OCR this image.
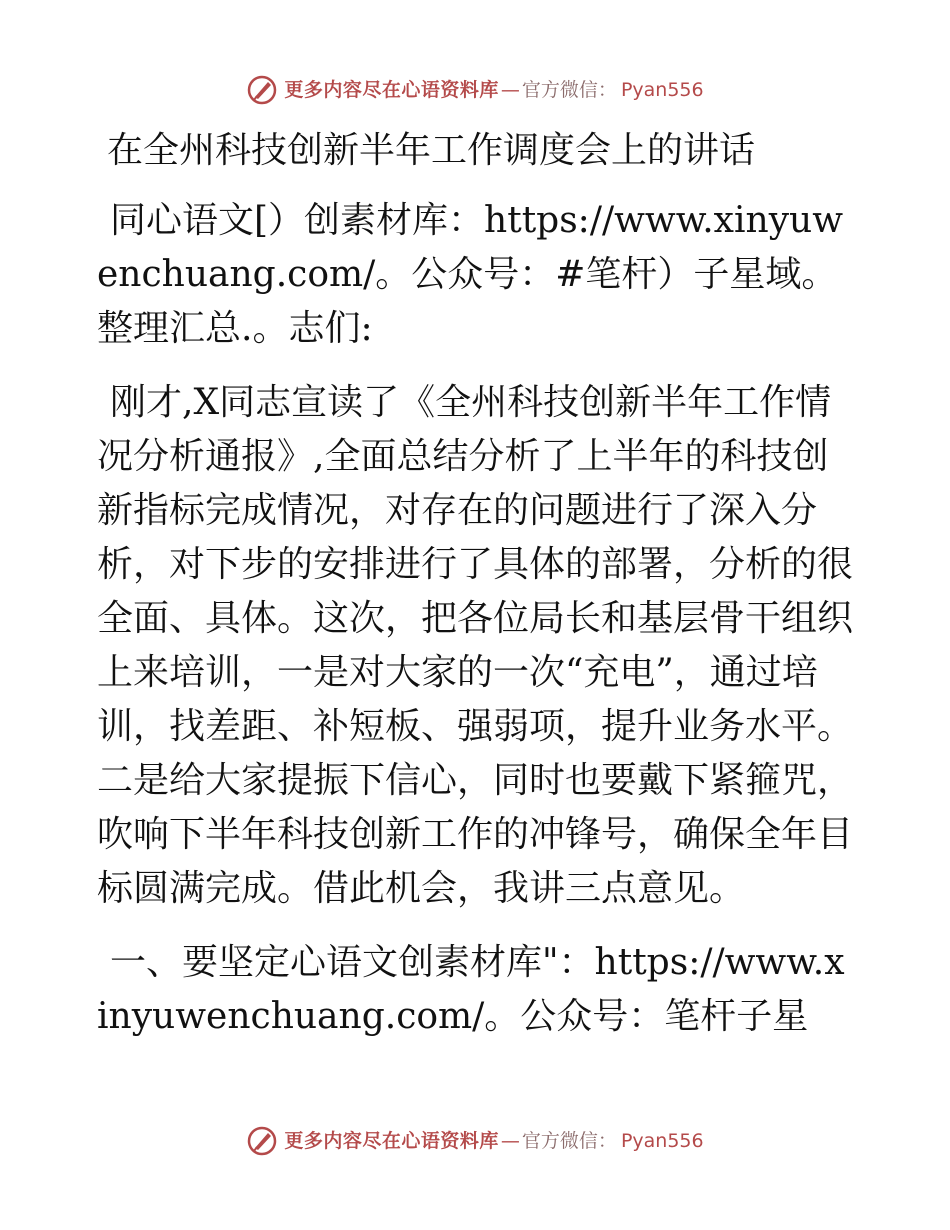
更多内容尽在心语资料库 — 官方微信： Pyan556

在全州科技创新半年工作调度会上的讲话

同心语文[）创素材库：https://www.xinyuwenchuang.com/。公众号：#笔杆）子星域。整理汇总.。志们:

刚才,X同志宣读了《全州科技创新半年工作情况分析通报》,全面总结分析了上半年的科技创新指标完成情况，对存在的问题进行了深入分析，对下步的安排进行了具体的部署，分析的很全面、具体。这次，把各位局长和基层骨干组织上来培训，一是对大家的一次“充电”，通过培训，找差距、补短板、强弱项，提升业务水平。二是给大家提振下信心，同时也要戴下紧箍咒，吹响下半年科技创新工作的冲锋号，确保全年目标圆满完成。借此机会，我讲三点意见。

一、要坚定心语文创素材库"：https://www.xinyuwenchuang.com/。公众号：笔杆子星

更多内容尽在心语资料库 — 官方微信： Pyan556
